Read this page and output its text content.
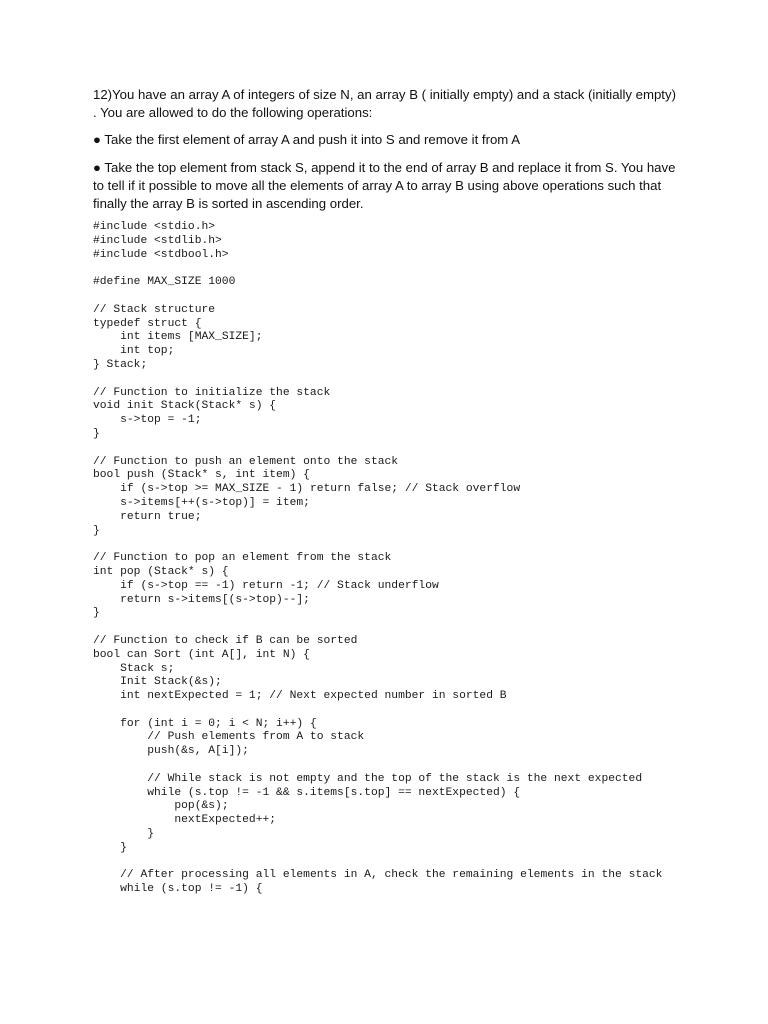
12)You have an array A of integers of size N, an array B ( initially empty) and a stack (initially empty) . You are allowed to do the following operations:

● Take the first element of array A and push it into S and remove it from A

● Take the top element from stack S, append it to the end of array B and replace it from S. You have to tell if it possible to move all the elements of array A to array B using above operations such that finally the array B is sorted in ascending order.

#include <stdio.h>
#include <stdlib.h>
#include <stdbool.h>

#define MAX_SIZE 1000

// Stack structure
typedef struct {
int items [MAX_SIZE];
int top;
} Stack;

// Function to initialize the stack
void init Stack(Stack* s) {
s->top = -1;
}

// Function to push an element onto the stack
bool push (Stack* s, int item) {
if (s->top >= MAX_SIZE - 1) return false; // Stack overflow
s->items[++(s->top)] = item;
return true;
}

// Function to pop an element from the stack
int pop (Stack* s) {
if (s->top == -1) return -1; // Stack underflow
return s->items[(s->top)--];
}

// Function to check if B can be sorted
bool can Sort (int A[], int N) {
Stack s;
Init Stack(&s);
int nextExpected = 1; // Next expected number in sorted B

for (int i = 0; i < N; i++) {
// Push elements from A to stack
push(&s, A[i]);

// While stack is not empty and the top of the stack is the next expected
while (s.top != -1 && s.items[s.top] == nextExpected) {
pop(&s);
nextExpected++;
}
}

// After processing all elements in A, check the remaining elements in the stack
while (s.top != -1) {
